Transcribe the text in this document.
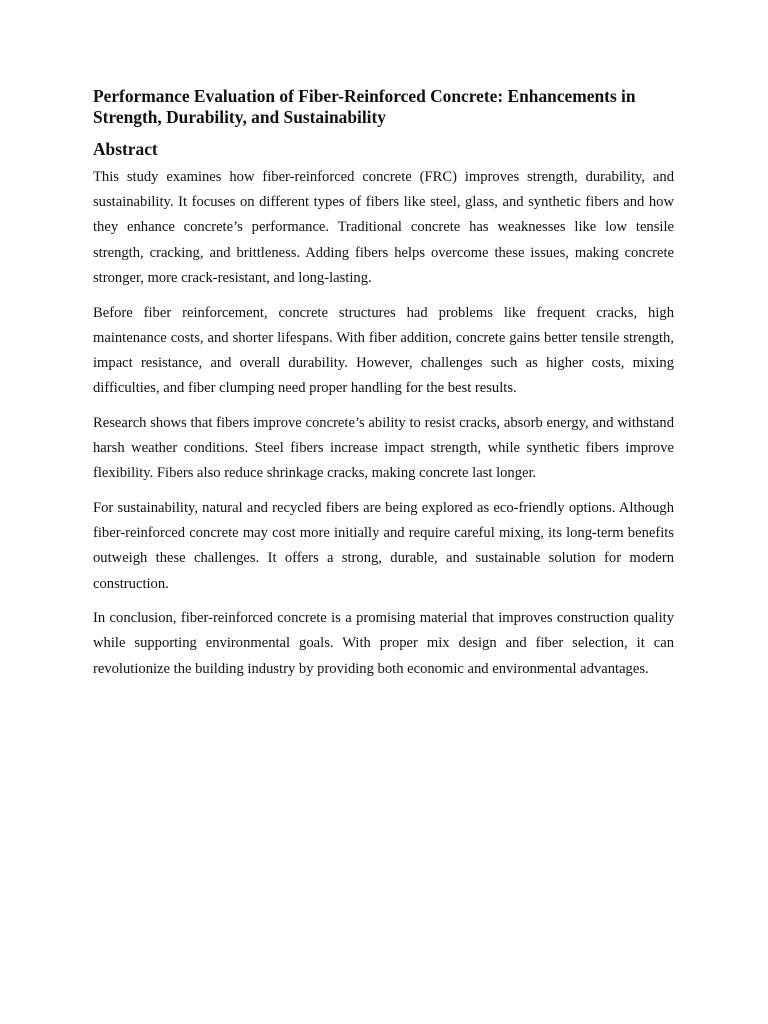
Performance Evaluation of Fiber-Reinforced Concrete: Enhancements in Strength, Durability, and Sustainability
Abstract

This study examines how fiber-reinforced concrete (FRC) improves strength, durability, and sustainability. It focuses on different types of fibers like steel, glass, and synthetic fibers and how they enhance concrete’s performance. Traditional concrete has weaknesses like low tensile strength, cracking, and brittleness. Adding fibers helps overcome these issues, making concrete stronger, more crack-resistant, and long-lasting.

Before fiber reinforcement, concrete structures had problems like frequent cracks, high maintenance costs, and shorter lifespans. With fiber addition, concrete gains better tensile strength, impact resistance, and overall durability. However, challenges such as higher costs, mixing difficulties, and fiber clumping need proper handling for the best results.

Research shows that fibers improve concrete’s ability to resist cracks, absorb energy, and withstand harsh weather conditions. Steel fibers increase impact strength, while synthetic fibers improve flexibility. Fibers also reduce shrinkage cracks, making concrete last longer.

For sustainability, natural and recycled fibers are being explored as eco-friendly options. Although fiber-reinforced concrete may cost more initially and require careful mixing, its long-term benefits outweigh these challenges. It offers a strong, durable, and sustainable solution for modern construction.

In conclusion, fiber-reinforced concrete is a promising material that improves construction quality while supporting environmental goals. With proper mix design and fiber selection, it can revolutionize the building industry by providing both economic and environmental advantages.
